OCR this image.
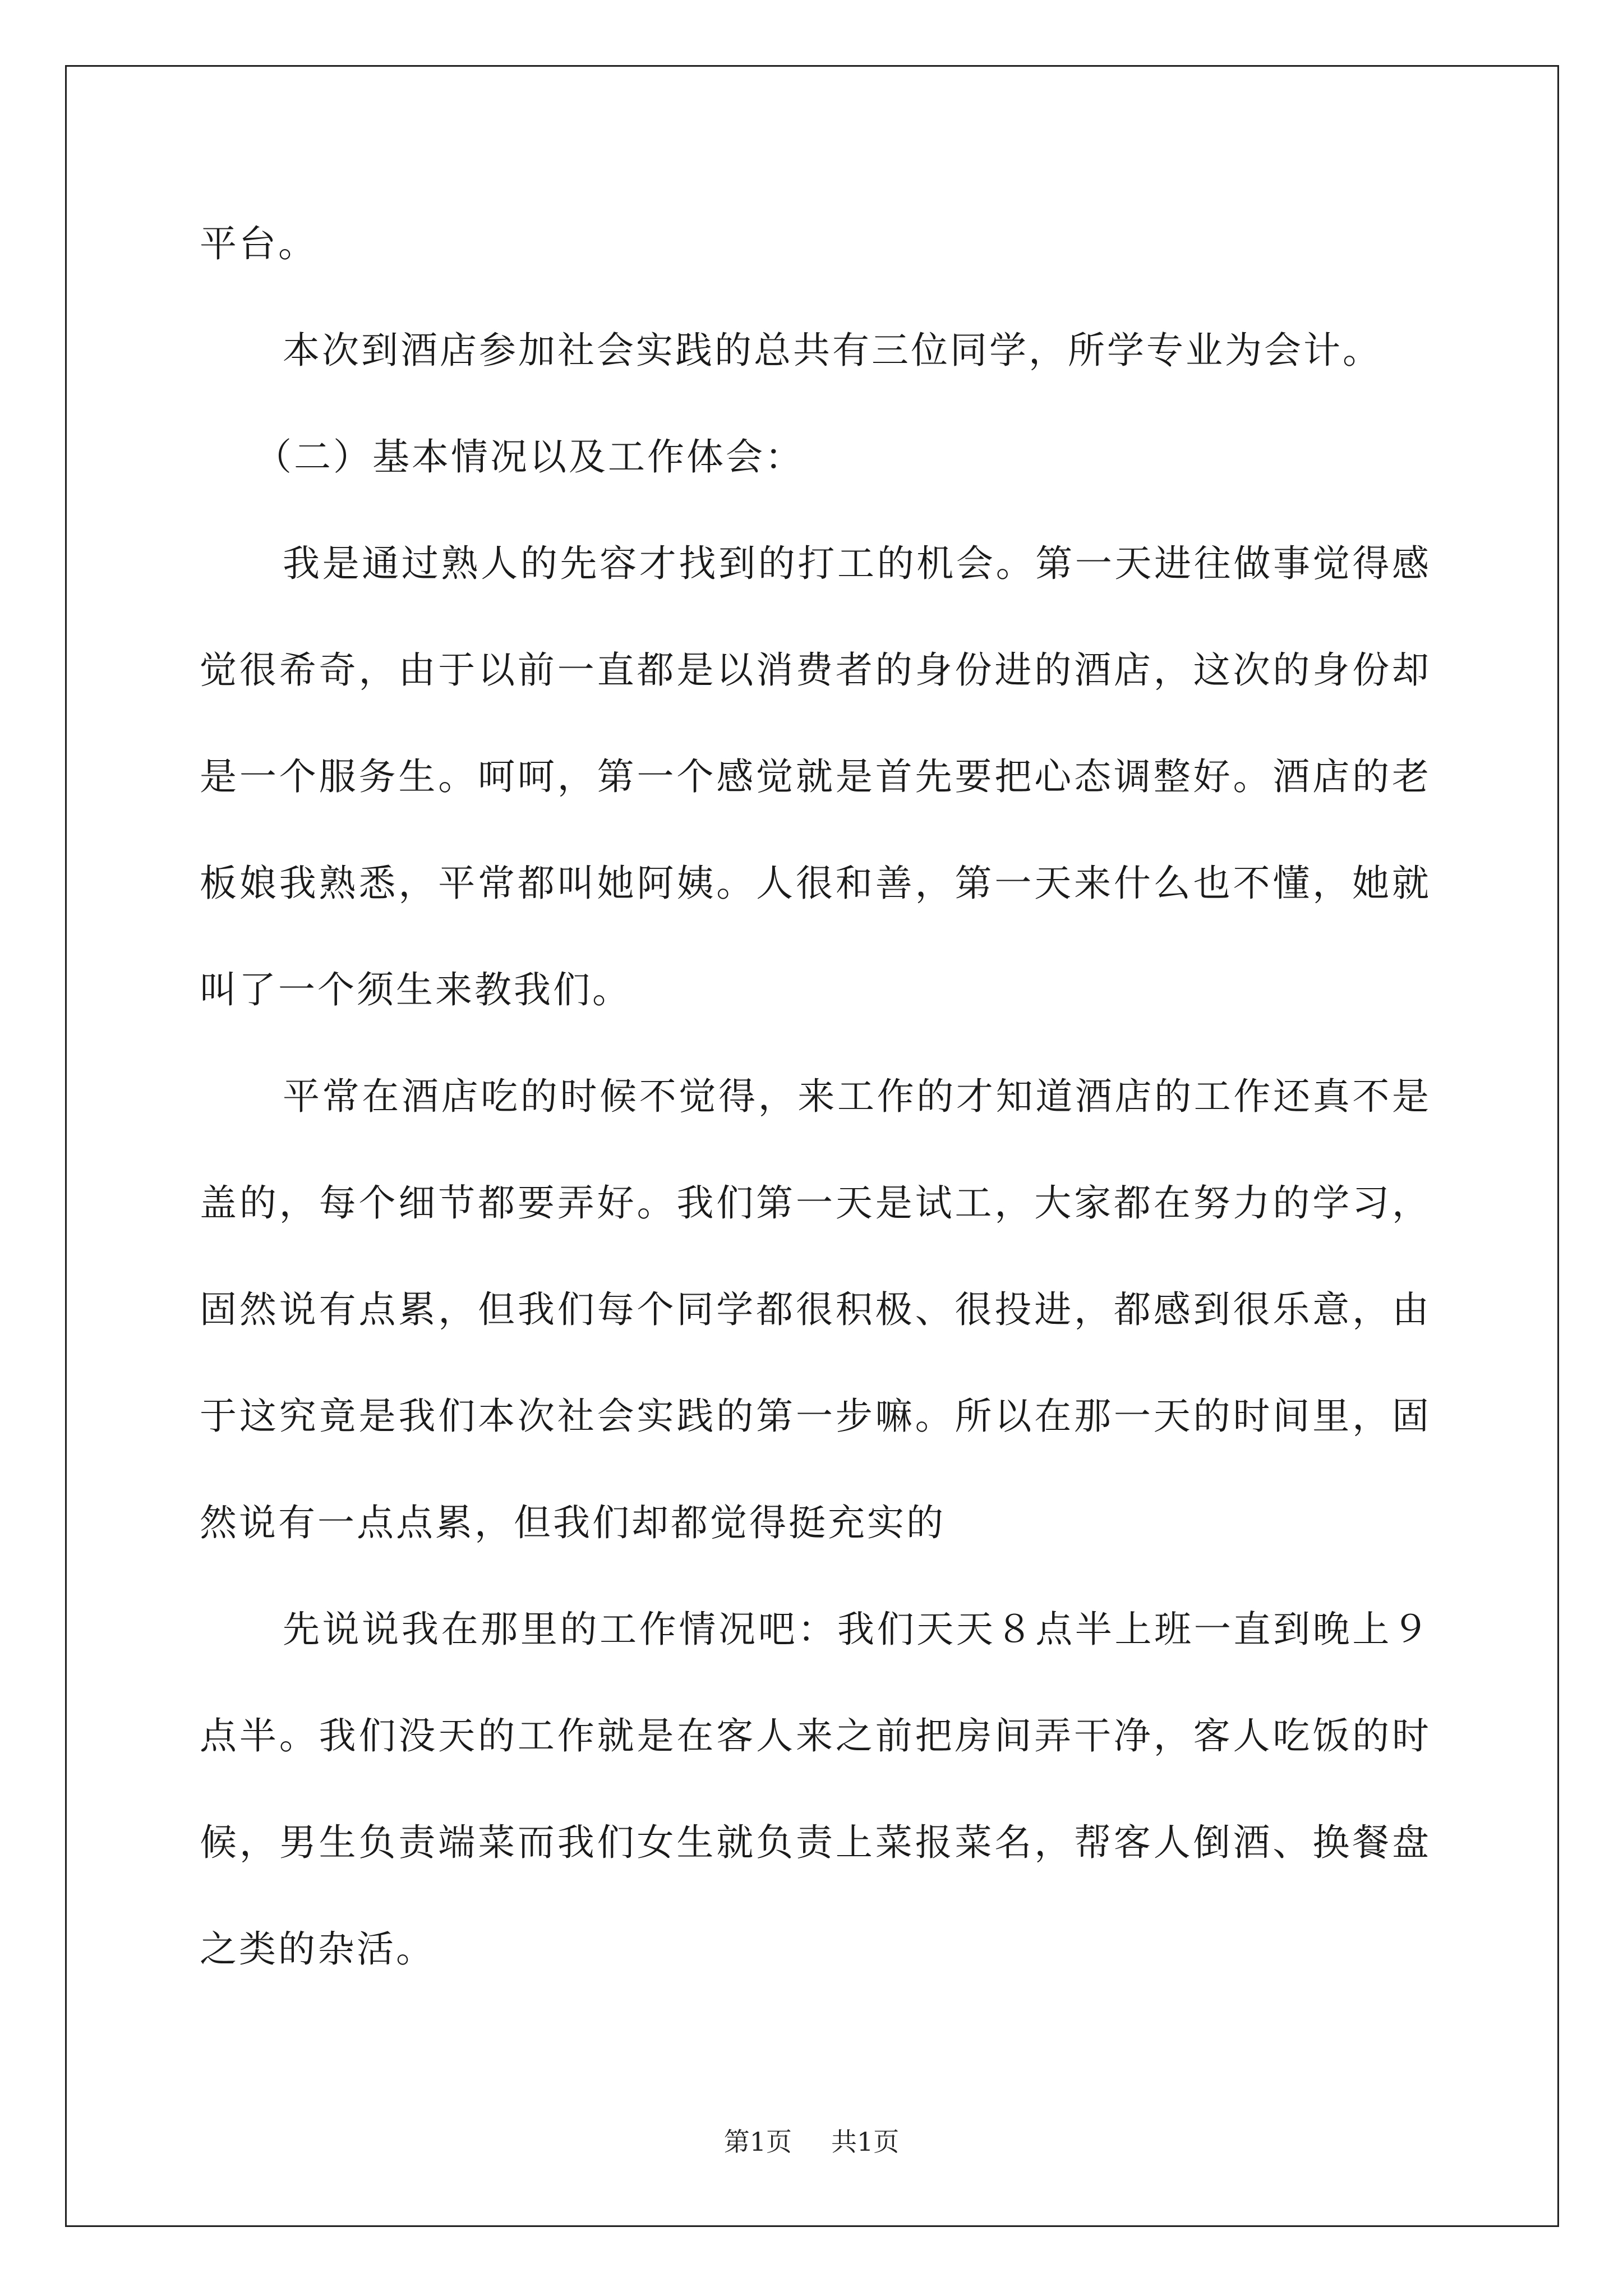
平台。

本次到酒店参加社会实践的总共有三位同学，所学专业为会计。

（二）基本情况以及工作体会：

我是通过熟人的先容才找到的打工的机会。第一天进往做事觉得感觉很希奇，由于以前一直都是以消费者的身份进的酒店，这次的身份却是一个服务生。呵呵，第一个感觉就是首先要把心态调整好。酒店的老板娘我熟悉，平常都叫她阿姨。人很和善，第一天来什么也不懂，她就叫了一个须生来教我们。

平常在酒店吃的时候不觉得，来工作的才知道酒店的工作还真不是盖的，每个细节都要弄好。我们第一天是试工，大家都在努力的学习，固然说有点累，但我们每个同学都很积极、很投进，都感到很乐意，由于这究竟是我们本次社会实践的第一步嘛。所以在那一天的时间里，固然说有一点点累，但我们却都觉得挺充实的

先说说我在那里的工作情况吧：我们天天８点半上班一直到晚上９点半。我们没天的工作就是在客人来之前把房间弄干净，客人吃饭的时候，男生负责端菜而我们女生就负责上菜报菜名，帮客人倒酒、换餐盘之类的杂活。

第1页 共1页
